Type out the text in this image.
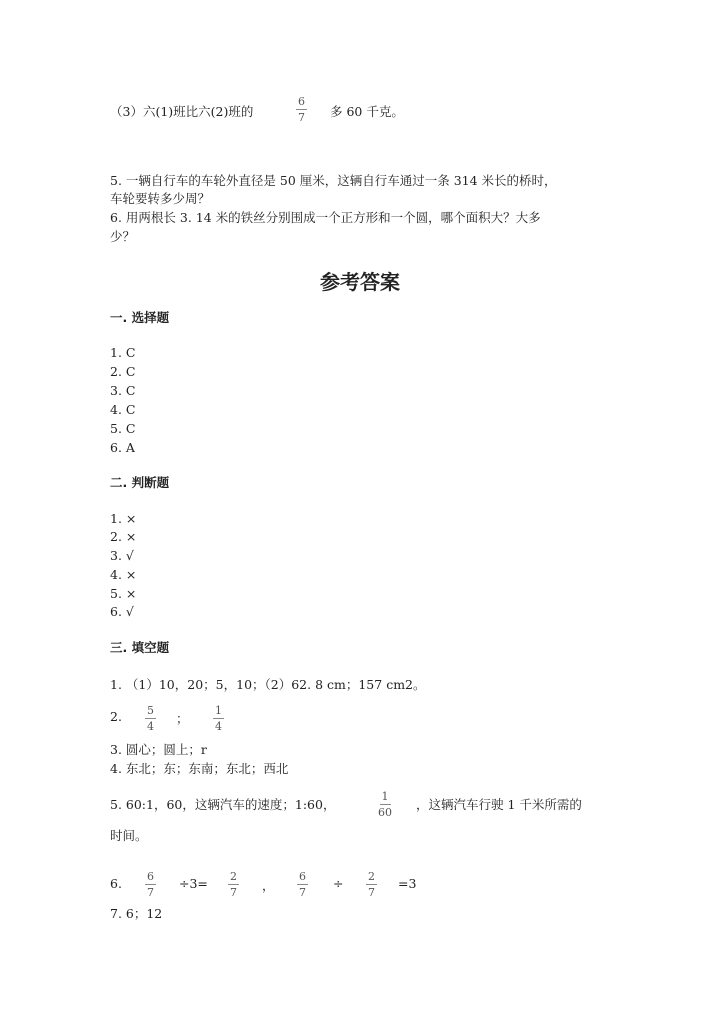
（3）六(1)班比六(2)班的	$\frac{6}{7}$ 多 60 千克。
5. 一辆自行车的车轮外直径是 50 厘米，这辆自行车通过一条 314 米长的桥时，
车轮要转多少周？
6. 用两根长 3. 14 米的铁丝分别围成一个正方形和一个圆，哪个面积大？大多
少？
参考答案
一. 选择题
1. C
2. C
3. C
4. C
5. C
6. A
二. 判断题
1. ×
2. ×
3. √
4. ×
5. ×
6. √
三. 填空题
1. （1）10，20；5，10；（2）62. 8 cm；157 cm2。
2. $\frac{5}{4}$ ； $\frac{1}{4}$
3. 圆心；圆上；r
4. 东北；东；东南；东北；西北
5. 60:1，60，这辆汽车的速度；1:60，	$\frac{1}{60}$ ，这辆汽车行驶 1 千米所需的
时间。
6. $\frac{6}{7} \div 3= \frac{2}{7}$ ， $\frac{6}{7} \div \frac{2}{7} =3$
7. 6；12
